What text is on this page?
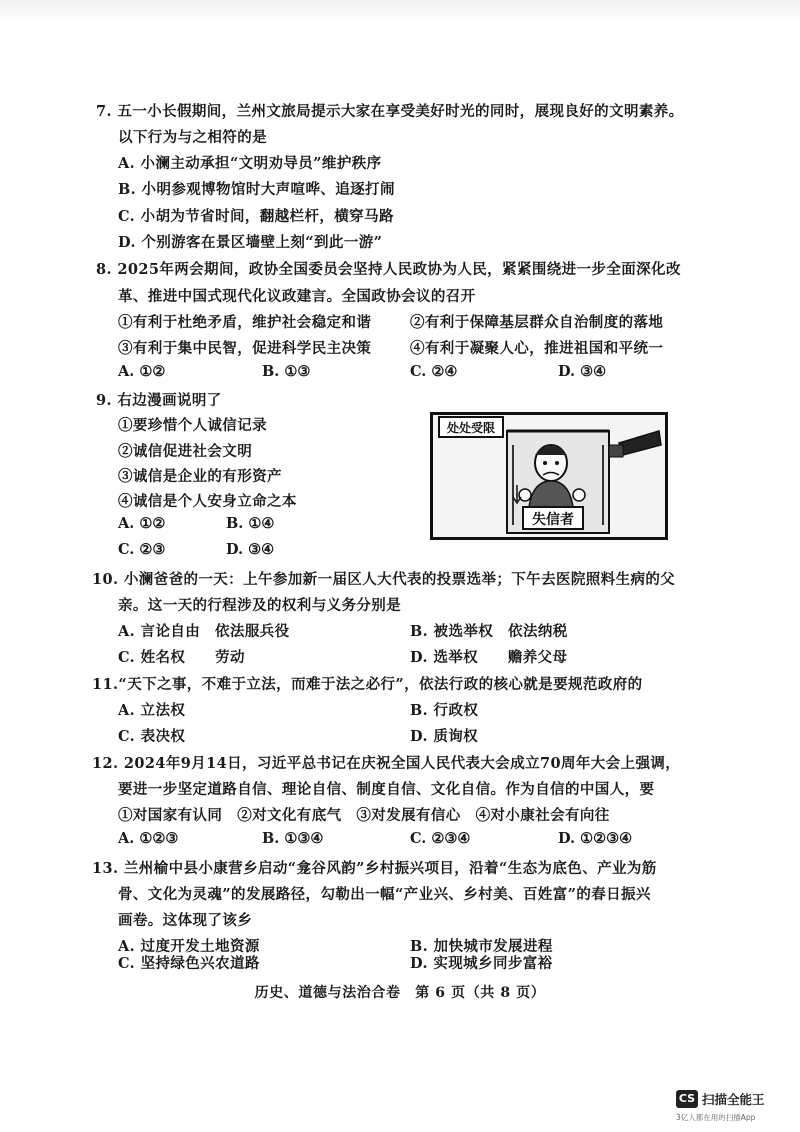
7. 五一小长假期间，兰州文旅局提示大家在享受美好时光的同时，展现良好的文明素养。
以下行为与之相符的是
A. 小澜主动承担“文明劝导员”维护秩序
B. 小明参观博物馆时大声喧哗、追逐打闹
C. 小胡为节省时间，翻越栏杆，横穿马路
D. 个别游客在景区墙壁上刻“到此一游”
8. 2025年两会期间，政协全国委员会坚持人民政协为人民，紧紧围绕进一步全面深化改
革、推进中国式现代化议政建言。全国政协会议的召开
①有利于杜绝矛盾，维护社会稳定和谐	②有利于保障基层群众自治制度的落地
③有利于集中民智，促进科学民主决策	④有利于凝聚人心，推进祖国和平统一
A. ①②	B. ①③	C. ②④	D. ③④
9. 右边漫画说明了
①要珍惜个人诚信记录
②诚信促进社会文明
③诚信是企业的有形资产
④诚信是个人安身立命之本
A. ①②	B. ①④
C. ②③	D. ③④
处处受限
失信者
10. 小澜爸爸的一天：上午参加新一届区人大代表的投票选举；下午去医院照料生病的父
亲。这一天的行程涉及的权利与义务分别是
A. 言论自由　依法服兵役	B. 被选举权　依法纳税
C. 姓名权　　劳动	D. 选举权　　赡养父母
11.“天下之事，不难于立法，而难于法之必行”，依法行政的核心就是要规范政府的
A. 立法权	B. 行政权
C. 表决权	D. 质询权
12. 2024年9月14日，习近平总书记在庆祝全国人民代表大会成立70周年大会上强调，
要进一步坚定道路自信、理论自信、制度自信、文化自信。作为自信的中国人，要
①对国家有认同　②对文化有底气　③对发展有信心　④对小康社会有向往
A. ①②③	B. ①③④	C. ②③④	D. ①②③④
13. 兰州榆中县小康营乡启动“龛谷风韵”乡村振兴项目，沿着“生态为底色、产业为筋
骨、文化为灵魂”的发展路径，勾勒出一幅“产业兴、乡村美、百姓富”的春日振兴
画卷。这体现了该乡
A. 过度开发土地资源	B. 加快城市发展进程
C. 坚持绿色兴农道路	D. 实现城乡同步富裕
历史、道德与法治合卷　第 6 页（共 8 页）
CS 扫描全能王
3亿人都在用的扫描App
